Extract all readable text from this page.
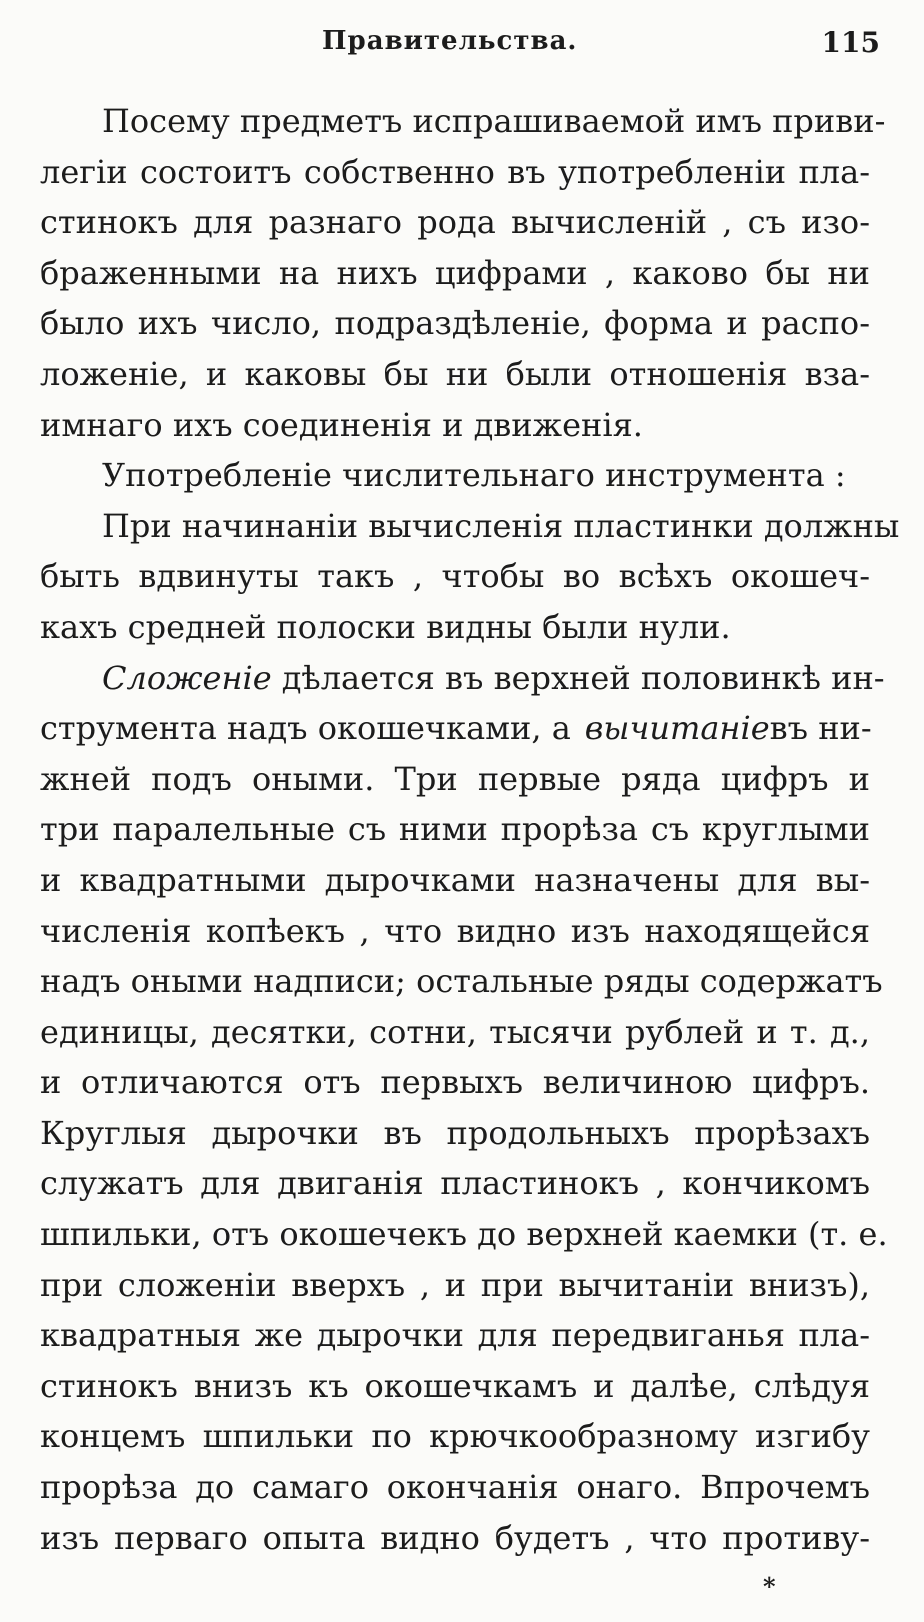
Правительства.	115
Посему предметъ испрашиваемой имъ приви-
легіи состоитъ собственно въ употребленіи пла-
стинокъ для разнаго рода вычисленій , съ изо-
браженными на нихъ цифрами , каково бы ни
было ихъ число, подраздѣленіе, форма и распо-
ложеніе, и каковы бы ни были отношенія вза-
имнаго ихъ соединенія и движенія.
Употребленіе числительнаго инструмента :
При начинаніи вычисленія пластинки должны
быть вдвинуты такъ , чтобы во всѣхъ окошеч-
кахъ средней полоски видны были нули.
Сложеніе дѣлается въ верхней половинкѣ ин-
струмента надъ окошечками, а вычитаніе въ ни-
жней подъ оными. Три первые ряда цифръ и
три паралельные съ ними прорѣза съ круглыми
и квадратными дырочками назначены для вы-
численія копѣекъ , что видно изъ находящейся
надъ оными надписи; остальные ряды содержатъ
единицы, десятки, сотни, тысячи рублей и т. д.,
и отличаются отъ первыхъ величиною цифръ.
Круглыя дырочки въ продольныхъ прорѣзахъ
служатъ для двиганія пластинокъ , кончикомъ
шпильки, отъ окошечекъ до верхней каемки (т. е.
при сложеніи вверхъ , и при вычитаніи внизъ),
квадратныя же дырочки для передвиганья пла-
стинокъ внизъ къ окошечкамъ и далѣе, слѣдуя
концемъ шпильки по крючкообразному изгибу
прорѣза до самаго окончанія онаго. Впрочемъ
изъ перваго опыта видно будетъ , что противу-
*
